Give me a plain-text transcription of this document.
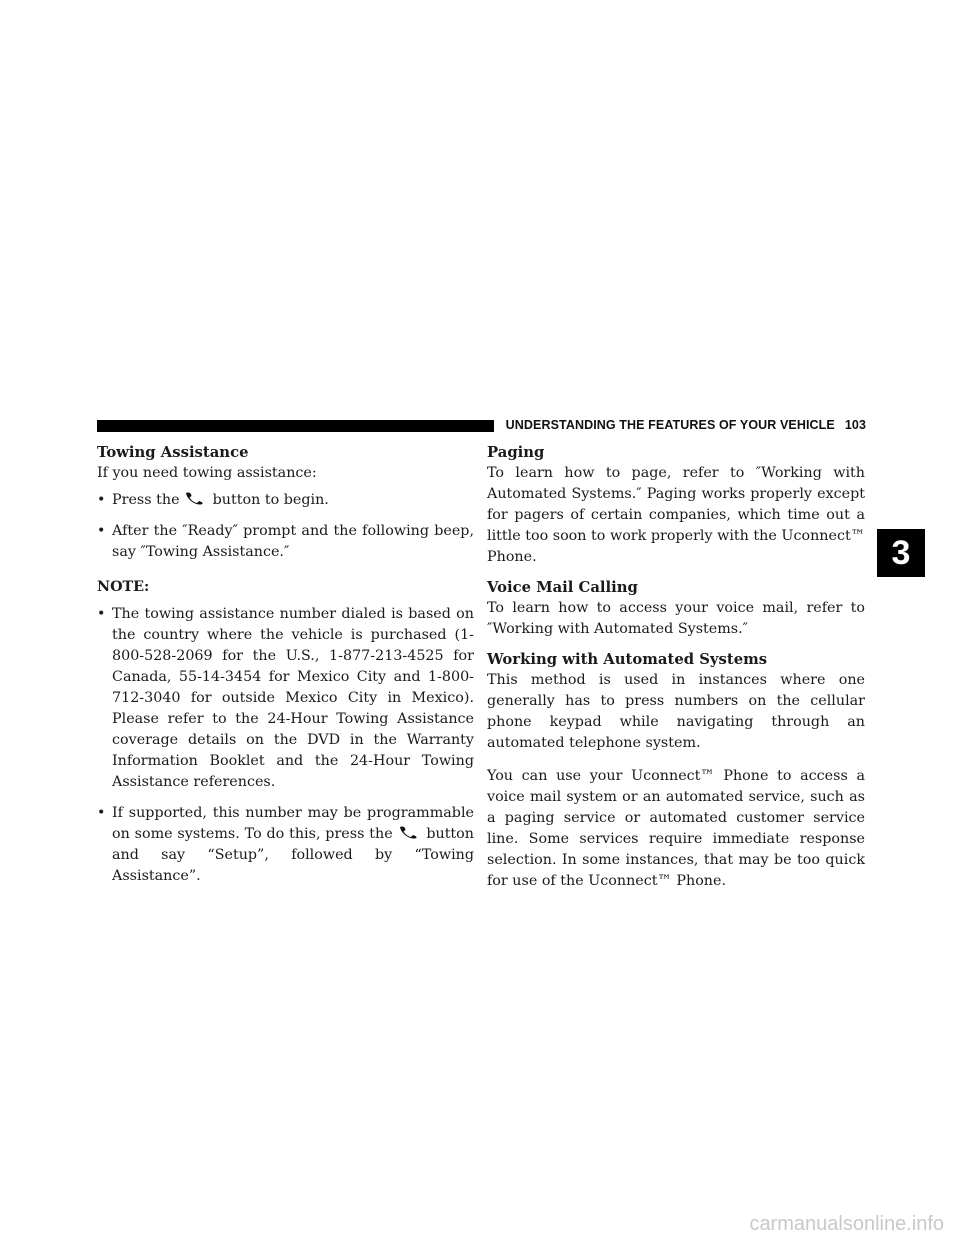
UNDERSTANDING THE FEATURES OF YOUR VEHICLE 103
3
Towing Assistance

If you need towing assistance:

• Press the button to begin.
• After the ″Ready″ prompt and the following beep, say ″Towing Assistance.″

NOTE:

• The towing assistance number dialed is based on the country where the vehicle is purchased (1-800-528-2069 for the U.S., 1-877-213-4525 for Canada, 55-14-3454 for Mexico City and 1-800-712-3040 for outside Mexico City in Mexico). Please refer to the 24-Hour Towing Assistance coverage details on the DVD in the Warranty Information Booklet and the 24-Hour Towing Assistance references.
• If supported, this number may be programmable on some systems. To do this, press the button and say “Setup”, followed by “Towing Assistance”.
Paging

To learn how to page, refer to ″Working with Automated Systems.″ Paging works properly except for pagers of certain companies, which time out a little too soon to work properly with the Uconnect™ Phone.

Voice Mail Calling

To learn how to access your voice mail, refer to ″Working with Automated Systems.″

Working with Automated Systems

This method is used in instances where one generally has to press numbers on the cellular phone keypad while navigating through an automated telephone system.

You can use your Uconnect™ Phone to access a voice mail system or an automated service, such as a paging service or automated customer service line. Some services require immediate response selection. In some instances, that may be too quick for use of the Uconnect™ Phone.

carmanualsonline.info
